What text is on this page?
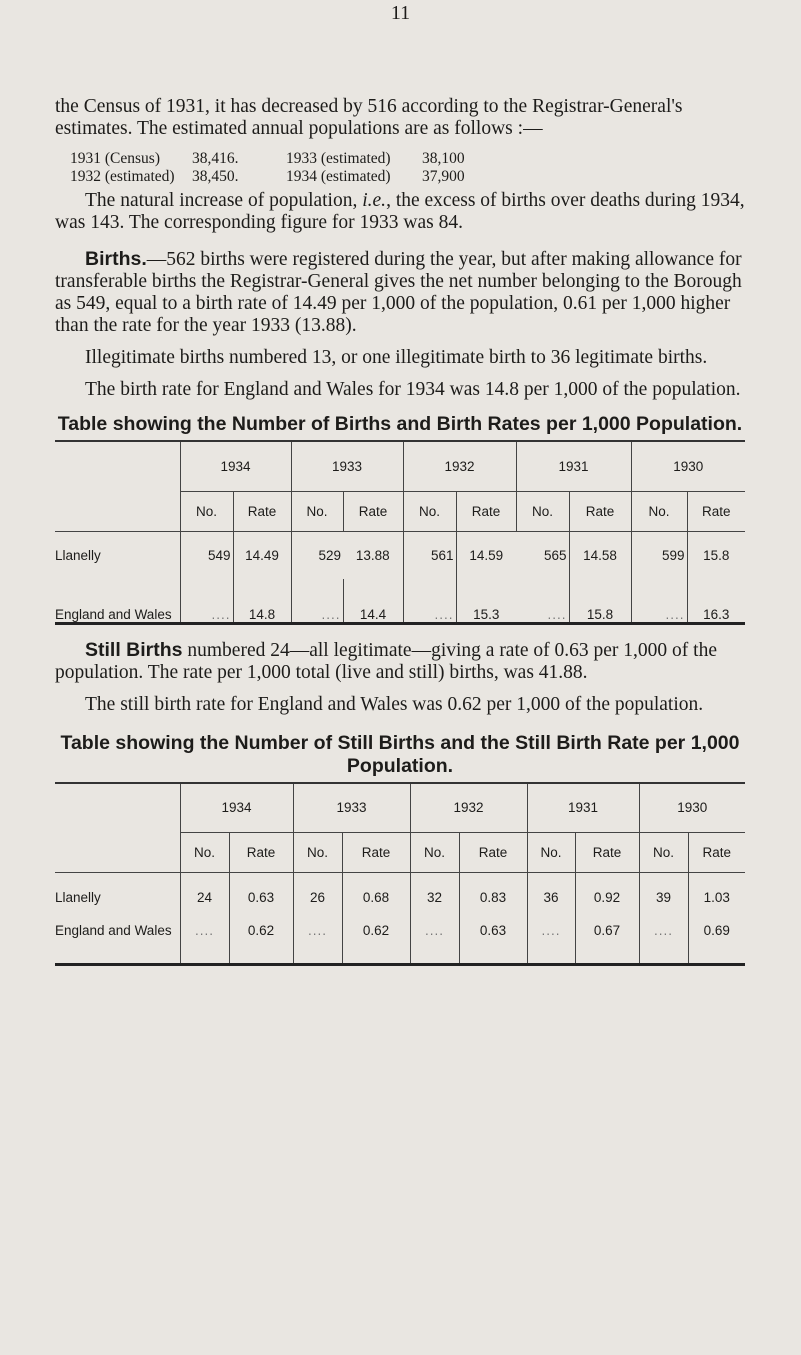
11

the Census of 1931, it has decreased by 516 according to the Registrar-General's estimates. The estimated annual populations are as follows :—

1931 (Census)	38,416.	1933 (estimated)	38,100
1932 (estimated)	38,450.	1934 (estimated)	37,900

The natural increase of population, i.e., the excess of births over deaths during 1934, was 143. The corresponding figure for 1933 was 84.

Births.—562 births were registered during the year, but after making allowance for transferable births the Registrar-General gives the net number belonging to the Borough as 549, equal to a birth rate of 14.49 per 1,000 of the population, 0.61 per 1,000 higher than the rate for the year 1933 (13.88).

Illegitimate births numbered 13, or one illegitimate birth to 36 legitimate births.

The birth rate for England and Wales for 1934 was 14.8 per 1,000 of the population.

Table showing the Number of Births and Birth Rates per 1,000 Population.
	1934		1933		1932		1931		1930	
	No.	Rate	No.	Rate	No.	Rate	No.	Rate	No.	Rate
Llanelly	549	14.49	529	13.88	561	14.59	565	14.58	599	15.8
England and Wales	....	14.8	....	14.4	....	15.3	....	15.8	....	16.3

Still Births numbered 24—all legitimate—giving a rate of 0.63 per 1,000 of the population. The rate per 1,000 total (live and still) births, was 41.88.

The still birth rate for England and Wales was 0.62 per 1,000 of the population.

Table showing the Number of Still Births and the Still Birth Rate per 1,000 Population.
	1934		1933		1932		1931		1930	
	No.	Rate	No.	Rate	No.	Rate	No.	Rate	No.	Rate
Llanelly	24	0.63	26	0.68	32	0.83	36	0.92	39	1.03
England and Wales	....	0.62	....	0.62	....	0.63	....	0.67	....	0.69
